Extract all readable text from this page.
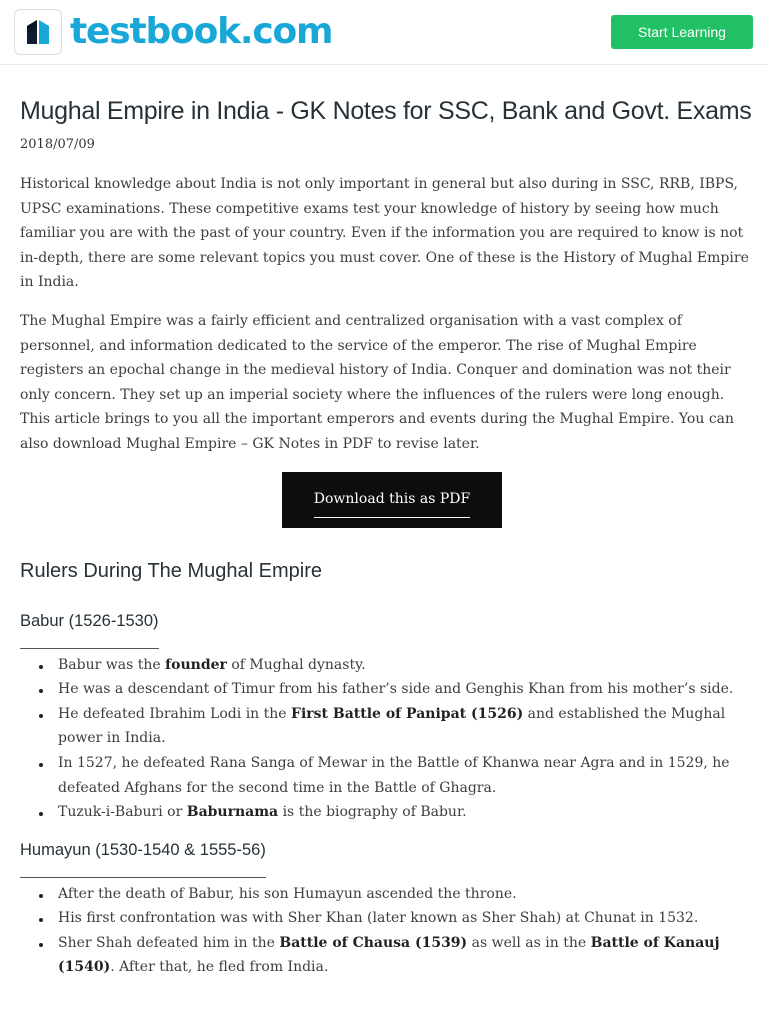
testbook.com	Start Learning
Mughal Empire in India - GK Notes for SSC, Bank and Govt. Exams
2018/07/09

Historical knowledge about India is not only important in general but also during in SSC, RRB, IBPS, UPSC examinations. These competitive exams test your knowledge of history by seeing how much familiar you are with the past of your country. Even if the information you are required to know is not in-depth, there are some relevant topics you must cover. One of these is the History of Mughal Empire in India.

The Mughal Empire was a fairly efficient and centralized organisation with a vast complex of personnel, and information dedicated to the service of the emperor. The rise of Mughal Empire registers an epochal change in the medieval history of India. Conquer and domination was not their only concern. They set up an imperial society where the influences of the rulers were long enough. This article brings to you all the important emperors and events during the Mughal Empire. You can also download Mughal Empire – GK Notes in PDF to revise later.

Download this as PDF
Rulers During The Mughal Empire
Babur (1526-1530)
Babur was the founder of Mughal dynasty.
He was a descendant of Timur from his father’s side and Genghis Khan from his mother’s side.
He defeated Ibrahim Lodi in the First Battle of Panipat (1526) and established the Mughal power in India.
In 1527, he defeated Rana Sanga of Mewar in the Battle of Khanwa near Agra and in 1529, he defeated Afghans for the second time in the Battle of Ghagra.
Tuzuk-i-Baburi or Baburnama is the biography of Babur.
Humayun (1530-1540 & 1555-56)
After the death of Babur, his son Humayun ascended the throne.
His first confrontation was with Sher Khan (later known as Sher Shah) at Chunat in 1532.
Sher Shah defeated him in the Battle of Chausa (1539) as well as in the Battle of Kanauj (1540). After that, he fled from India.
